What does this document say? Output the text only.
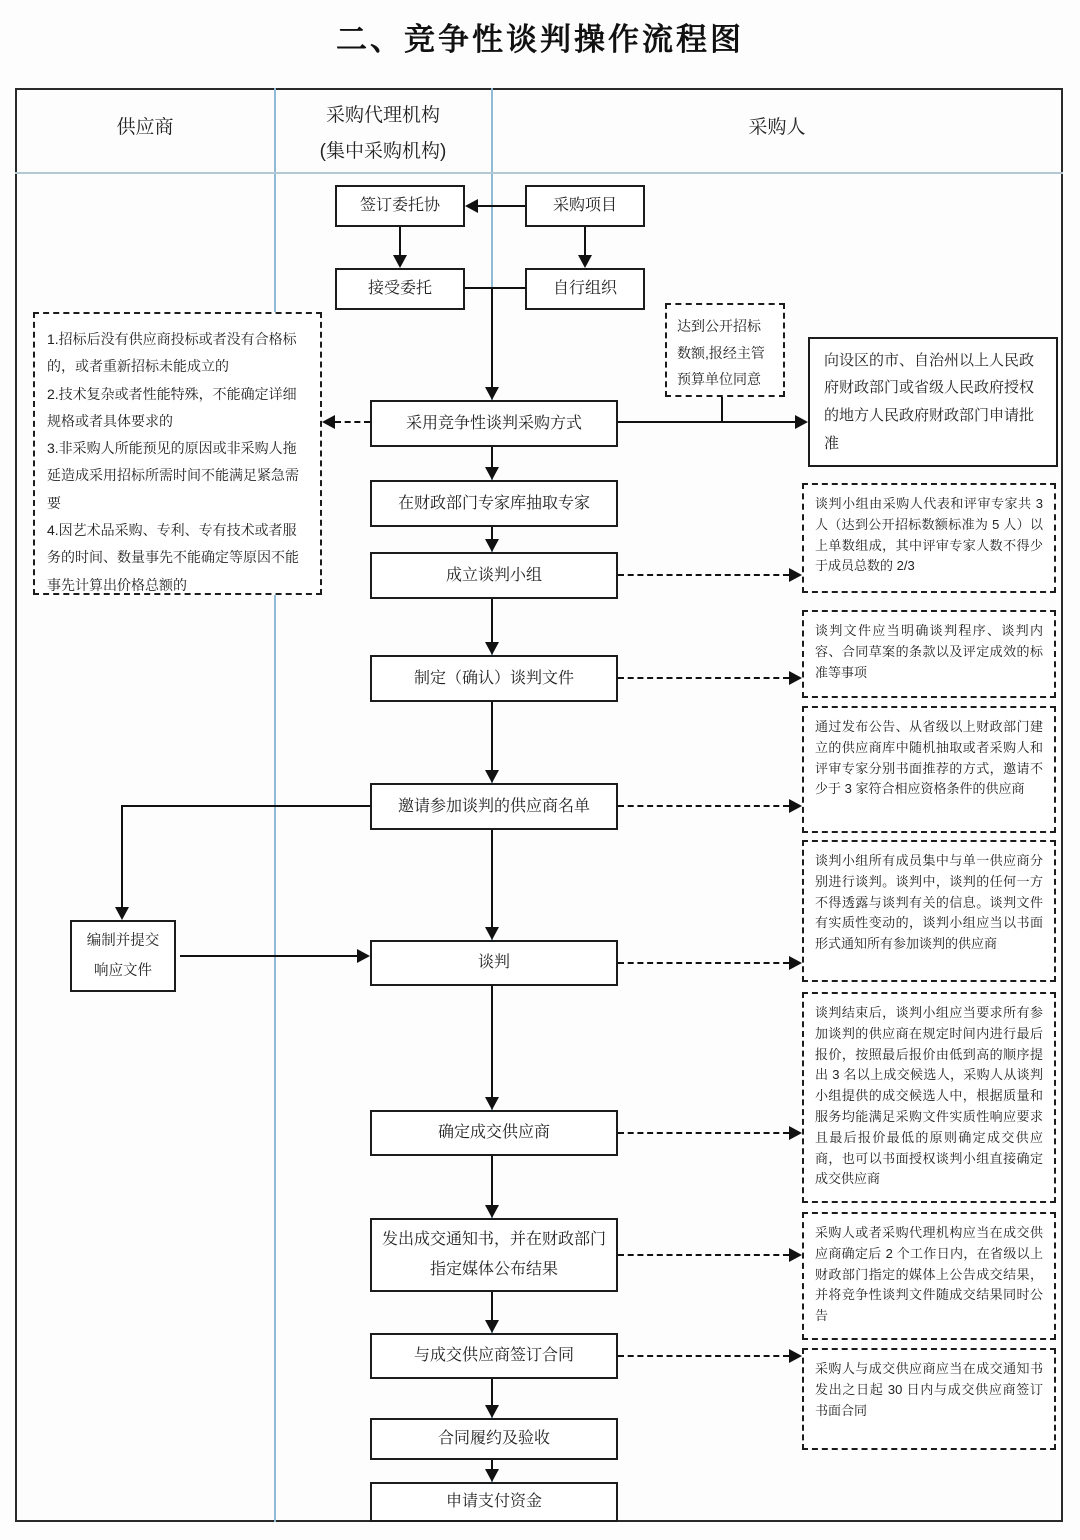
二、竞争性谈判操作流程图
供应商
采购代理机构
(集中采购机构)
采购人
签订委托协	采购项目
接受委托	自行组织
1.招标后没有供应商投标或者没有合格标的，或者重新招标未能成立的
2.技术复杂或者性能特殊，不能确定详细规格或者具体要求的
3.非采购人所能预见的原因或非采购人拖延造成采用招标所需时间不能满足紧急需要
4.因艺术品采购、专利、专有技术或者服务的时间、数量事先不能确定等原因不能事先计算出价格总额的
采用竞争性谈判采购方式
达到公开招标数额,报经主管预算单位同意
向设区的市、自治州以上人民政府财政部门或省级人民政府授权的地方人民政府财政部门申请批准
在财政部门专家库抽取专家
成立谈判小组
制定（确认）谈判文件
邀请参加谈判的供应商名单
编制并提交
响应文件	谈判
确定成交供应商
发出成交通知书，并在财政部门指定媒体公布结果
与成交供应商签订合同
合同履约及验收
申请支付资金
谈判小组由采购人代表和评审专家共 3 人（达到公开招标数额标准为 5 人）以上单数组成，其中评审专家人数不得少于成员总数的 2/3
谈判文件应当明确谈判程序、谈判内容、合同草案的条款以及评定成效的标准等事项
通过发布公告、从省级以上财政部门建立的供应商库中随机抽取或者采购人和评审专家分别书面推荐的方式，邀请不少于 3 家符合相应资格条件的供应商
谈判小组所有成员集中与单一供应商分别进行谈判。谈判中，谈判的任何一方不得透露与谈判有关的信息。谈判文件有实质性变动的，谈判小组应当以书面形式通知所有参加谈判的供应商
谈判结束后，谈判小组应当要求所有参加谈判的供应商在规定时间内进行最后报价，按照最后报价由低到高的顺序提出 3 名以上成交候选人，采购人从谈判小组提供的成交候选人中，根据质量和服务均能满足采购文件实质性响应要求且最后报价最低的原则确定成交供应商，也可以书面授权谈判小组直接确定成交供应商
采购人或者采购代理机构应当在成交供应商确定后 2 个工作日内，在省级以上财政部门指定的媒体上公告成交结果，并将竞争性谈判文件随成交结果同时公告
采购人与成交供应商应当在成交通知书发出之日起 30 日内与成交供应商签订书面合同
